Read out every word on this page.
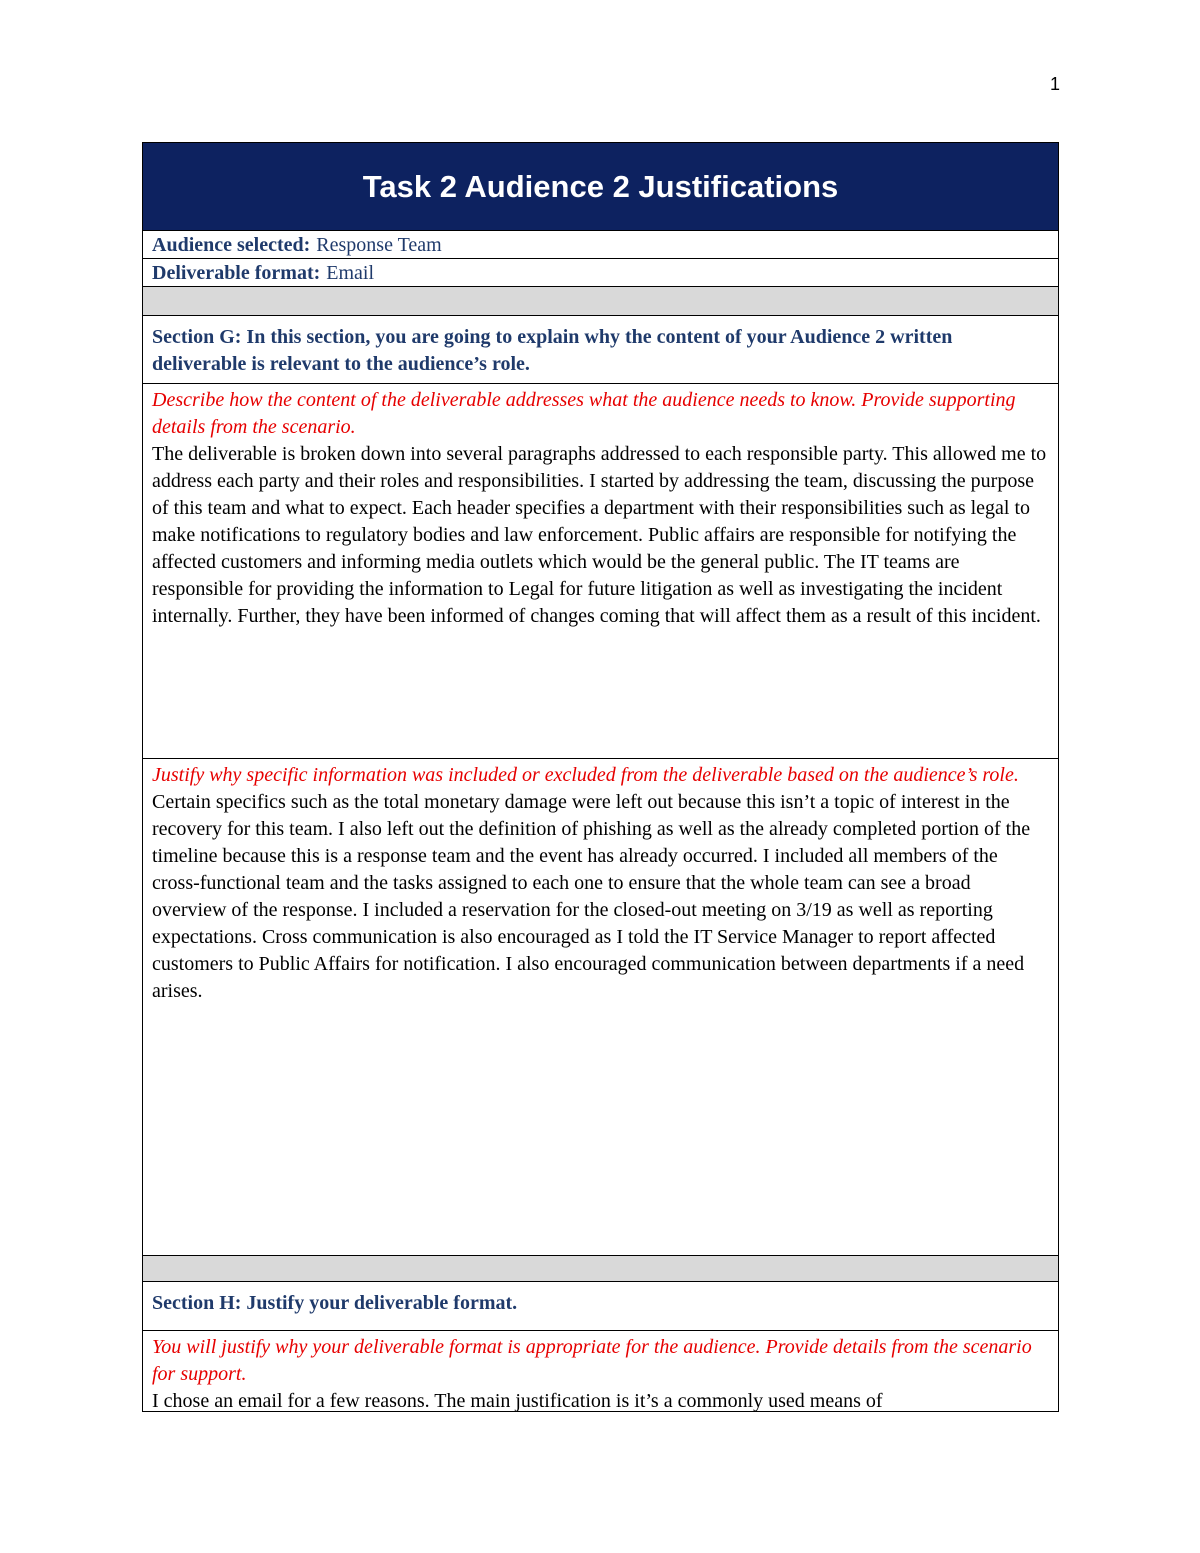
1
Task 2 Audience 2 Justifications
Audience selected: Response Team
Deliverable format: Email
Section G: In this section, you are going to explain why the content of your Audience 2 written deliverable is relevant to the audience’s role.
Describe how the content of the deliverable addresses what the audience needs to know. Provide supporting details from the scenario.
The deliverable is broken down into several paragraphs addressed to each responsible party. This allowed me to address each party and their roles and responsibilities. I started by addressing the team, discussing the purpose of this team and what to expect. Each header specifies a department with their responsibilities such as legal to make notifications to regulatory bodies and law enforcement. Public affairs are responsible for notifying the affected customers and informing media outlets which would be the general public. The IT teams are responsible for providing the information to Legal for future litigation as well as investigating the incident internally. Further, they have been informed of changes coming that will affect them as a result of this incident.
Justify why specific information was included or excluded from the deliverable based on the audience’s role.
Certain specifics such as the total monetary damage were left out because this isn’t a topic of interest in the recovery for this team. I also left out the definition of phishing as well as the already completed portion of the timeline because this is a response team and the event has already occurred. I included all members of the cross-functional team and the tasks assigned to each one to ensure that the whole team can see a broad overview of the response. I included a reservation for the closed-out meeting on 3/19 as well as reporting expectations. Cross communication is also encouraged as I told the IT Service Manager to report affected customers to Public Affairs for notification. I also encouraged communication between departments if a need arises.
Section H: Justify your deliverable format.
You will justify why your deliverable format is appropriate for the audience. Provide details from the scenario for support.
I chose an email for a few reasons. The main justification is it’s a commonly used means of
